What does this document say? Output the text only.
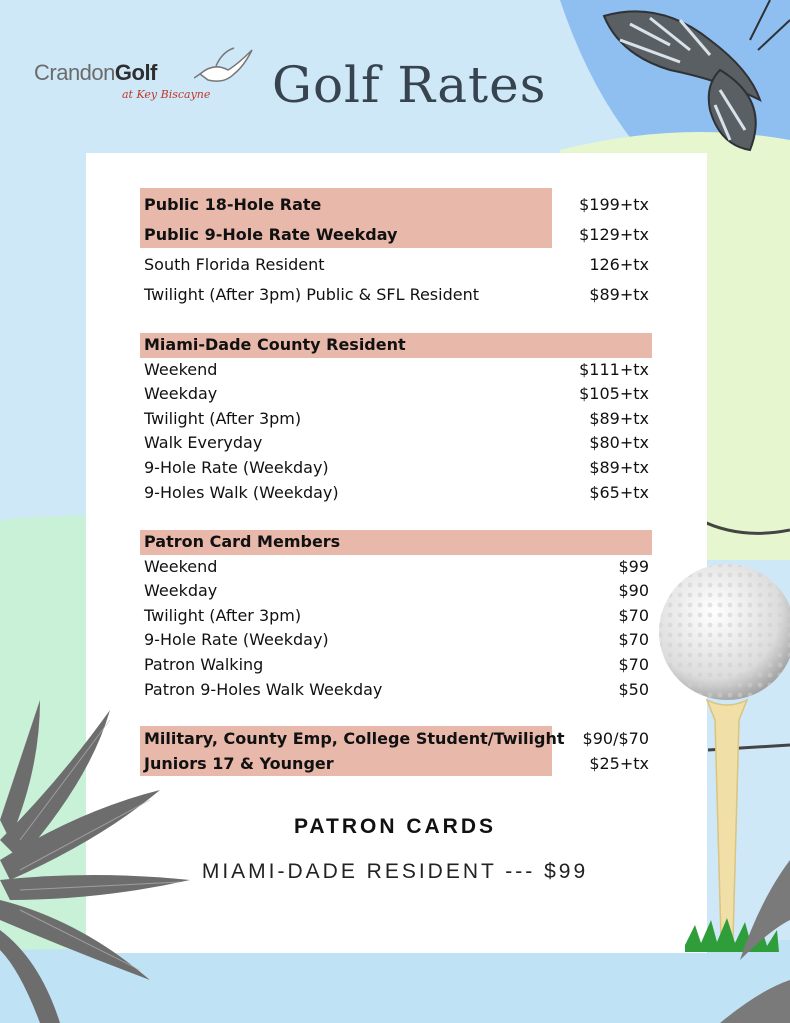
CrandonGolf
at Key Biscayne Golf Rates
Public 18-Hole Rate	$199+tx
Public 9-Hole Rate Weekday	$129+tx
South Florida Resident	126+tx
Twilight (After 3pm) Public & SFL Resident	$89+tx
Miami-Dade County Resident
Weekend	$111+tx
Weekday	$105+tx
Twilight (After 3pm)	$89+tx
Walk Everyday	$80+tx
9-Hole Rate (Weekday)	$89+tx
9-Holes Walk (Weekday)	$65+tx
Patron Card Members
Weekend	$99
Weekday	$90
Twilight (After 3pm)	$70
9-Hole Rate (Weekday)	$70
Patron Walking	$70
Patron 9-Holes Walk Weekday	$50
Military, County Emp, College Student/Twilight $90/$70
Juniors 17 & Younger	$25+tx
PATRON CARDS
MIAMI-DADE RESIDENT --- $99
